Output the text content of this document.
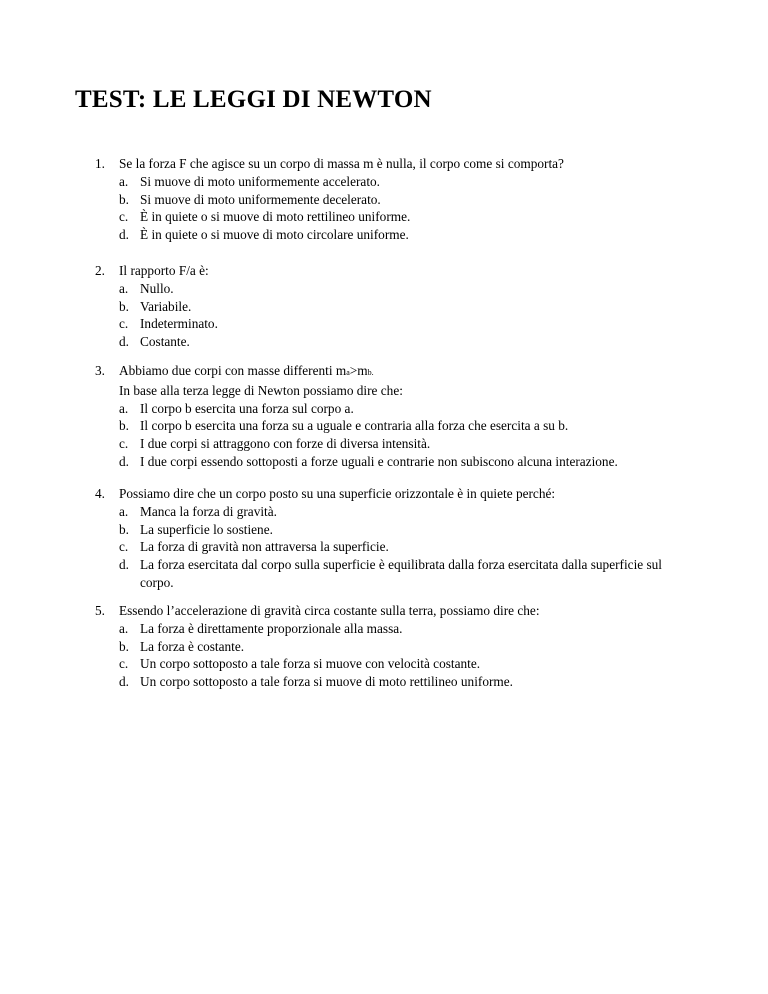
TEST: LE LEGGI DI NEWTON
1.	Se la forza F che agisce su un corpo di massa m è nulla, il corpo come si comporta?
a. Si muove di moto uniformemente accelerato.
b. Si muove di moto uniformemente decelerato.
c. È in quiete o si muove di moto rettilineo uniforme.
d. È in quiete o si muove di moto circolare uniforme.
2.	Il rapporto F/a è:
a. Nullo.
b. Variabile.
c. Indeterminato.
d. Costante.
3.	Abbiamo due corpi con masse differenti ma>mb.
In base alla terza legge di Newton possiamo dire che:
a. Il corpo b esercita una forza sul corpo a.
b. Il corpo b esercita una forza su a uguale e contraria alla forza che esercita a su b.
c. I due corpi si attraggono con forze di diversa intensità.
d. I due corpi essendo sottoposti a forze uguali e contrarie non subiscono alcuna interazione.
4.	Possiamo dire che un corpo posto su una superficie orizzontale è in quiete perché:
a. Manca la forza di gravità.
b. La superficie lo sostiene.
c. La forza di gravità non attraversa la superficie.
d. La forza esercitata dal corpo sulla superficie è equilibrata dalla forza esercitata dalla superficie sul corpo.
5.	Essendo l’accelerazione di gravità circa costante sulla terra, possiamo dire che:
a. La forza è direttamente proporzionale alla massa.
b. La forza è costante.
c. Un corpo sottoposto a tale forza si muove con velocità costante.
d. Un corpo sottoposto a tale forza si muove di moto rettilineo uniforme.
